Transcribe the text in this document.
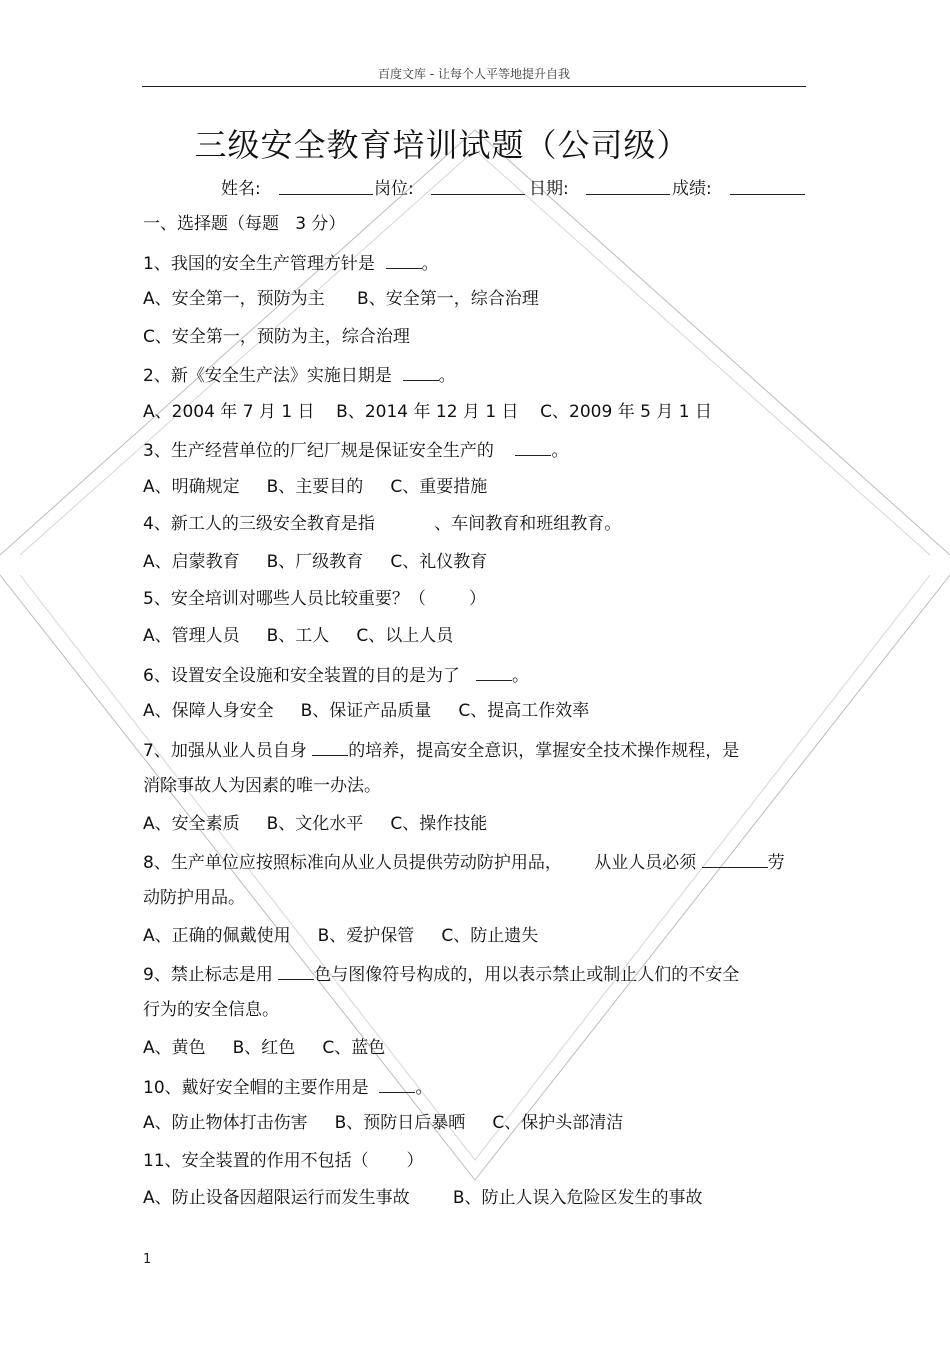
百度文库 - 让每个人平等地提升自我
三级安全教育培训试题（公司级）
姓名:	岗位:	日期:	成绩:
一、选择题（每题   3 分）
1、我国的安全生产管理方针是  。
A、安全第一，预防为主      B、安全第一，综合治理
C、安全第一，预防为主，综合治理
2、新《安全生产法》实施日期是  。
A、2004 年 7 月 1 日    B、2014 年 12 月 1 日    C、2009 年 5 月 1 日
3、生产经营单位的厂纪厂规是保证安全生产的    。
A、明确规定     B、主要目的     C、重要措施
4、新工人的三级安全教育是指           、车间教育和班组教育。
A、启蒙教育     B、厂级教育     C、礼仪教育
5、安全培训对哪些人员比较重要？（        ）
A、管理人员     B、工人     C、以上人员
6、设置安全设施和安全装置的目的是为了   。
A、保障人身安全     B、保证产品质量     C、提高工作效率
7、加强从业人员自身 的培养，提高安全意识，掌握安全技术操作规程，是
消除事故人为因素的唯一办法。
A、安全素质     B、文化水平     C、操作技能
8、生产单位应按照标准向从业人员提供劳动防护用品，      从业人员必须	劳
动防护用品。
A、正确的佩戴使用     B、爱护保管     C、防止遗失
9、禁止标志是用 色与图像符号构成的，用以表示禁止或制止人们的不安全
行为的安全信息。
A、黄色     B、红色     C、蓝色
10、戴好安全帽的主要作用是  。
A、防止物体打击伤害     B、预防日后暴晒     C、保护头部清洁
11、安全装置的作用不包括（       ）
A、防止设备因超限运行而发生事故        B、防止人误入危险区发生的事故
1
